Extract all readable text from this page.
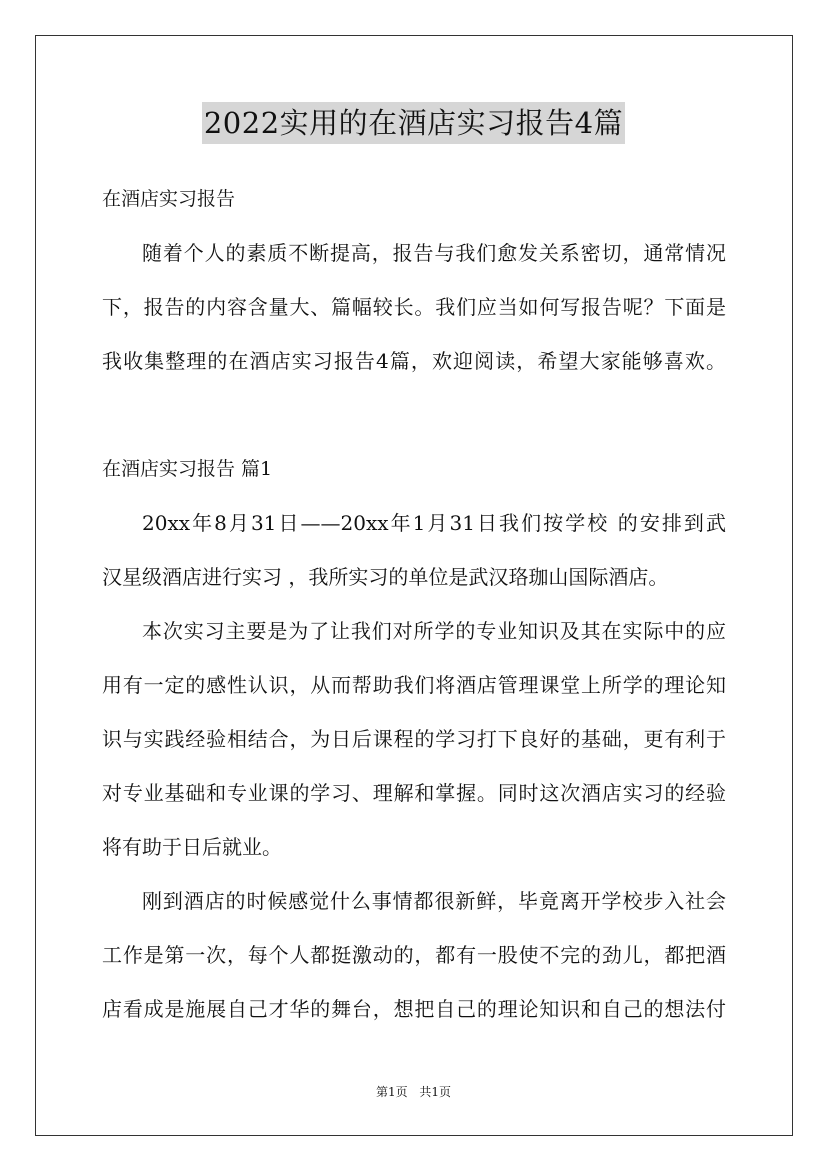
2022实用的在酒店实习报告4篇
在酒店实习报告
随着个人的素质不断提高，报告与我们愈发关系密切，通常情况
下，报告的内容含量大、篇幅较长。我们应当如何写报告呢？下面是
我收集整理的在酒店实习报告4篇，欢迎阅读，希望大家能够喜欢。
在酒店实习报告 篇1
20xx年8月31日——20xx年1月31日我们按学校 的安排到武
汉星级酒店进行实习 ，我所实习的单位是武汉珞珈山国际酒店。
本次实习主要是为了让我们对所学的专业知识及其在实际中的应
用有一定的感性认识，从而帮助我们将酒店管理课堂上所学的理论知
识与实践经验相结合，为日后课程的学习打下良好的基础，更有利于
对专业基础和专业课的学习、理解和掌握。同时这次酒店实习的经验
将有助于日后就业。
刚到酒店的时候感觉什么事情都很新鲜，毕竟离开学校步入社会
工作是第一次，每个人都挺激动的，都有一股使不完的劲儿，都把酒
店看成是施展自己才华的舞台，想把自己的理论知识和自己的想法付
第1页 共1页
